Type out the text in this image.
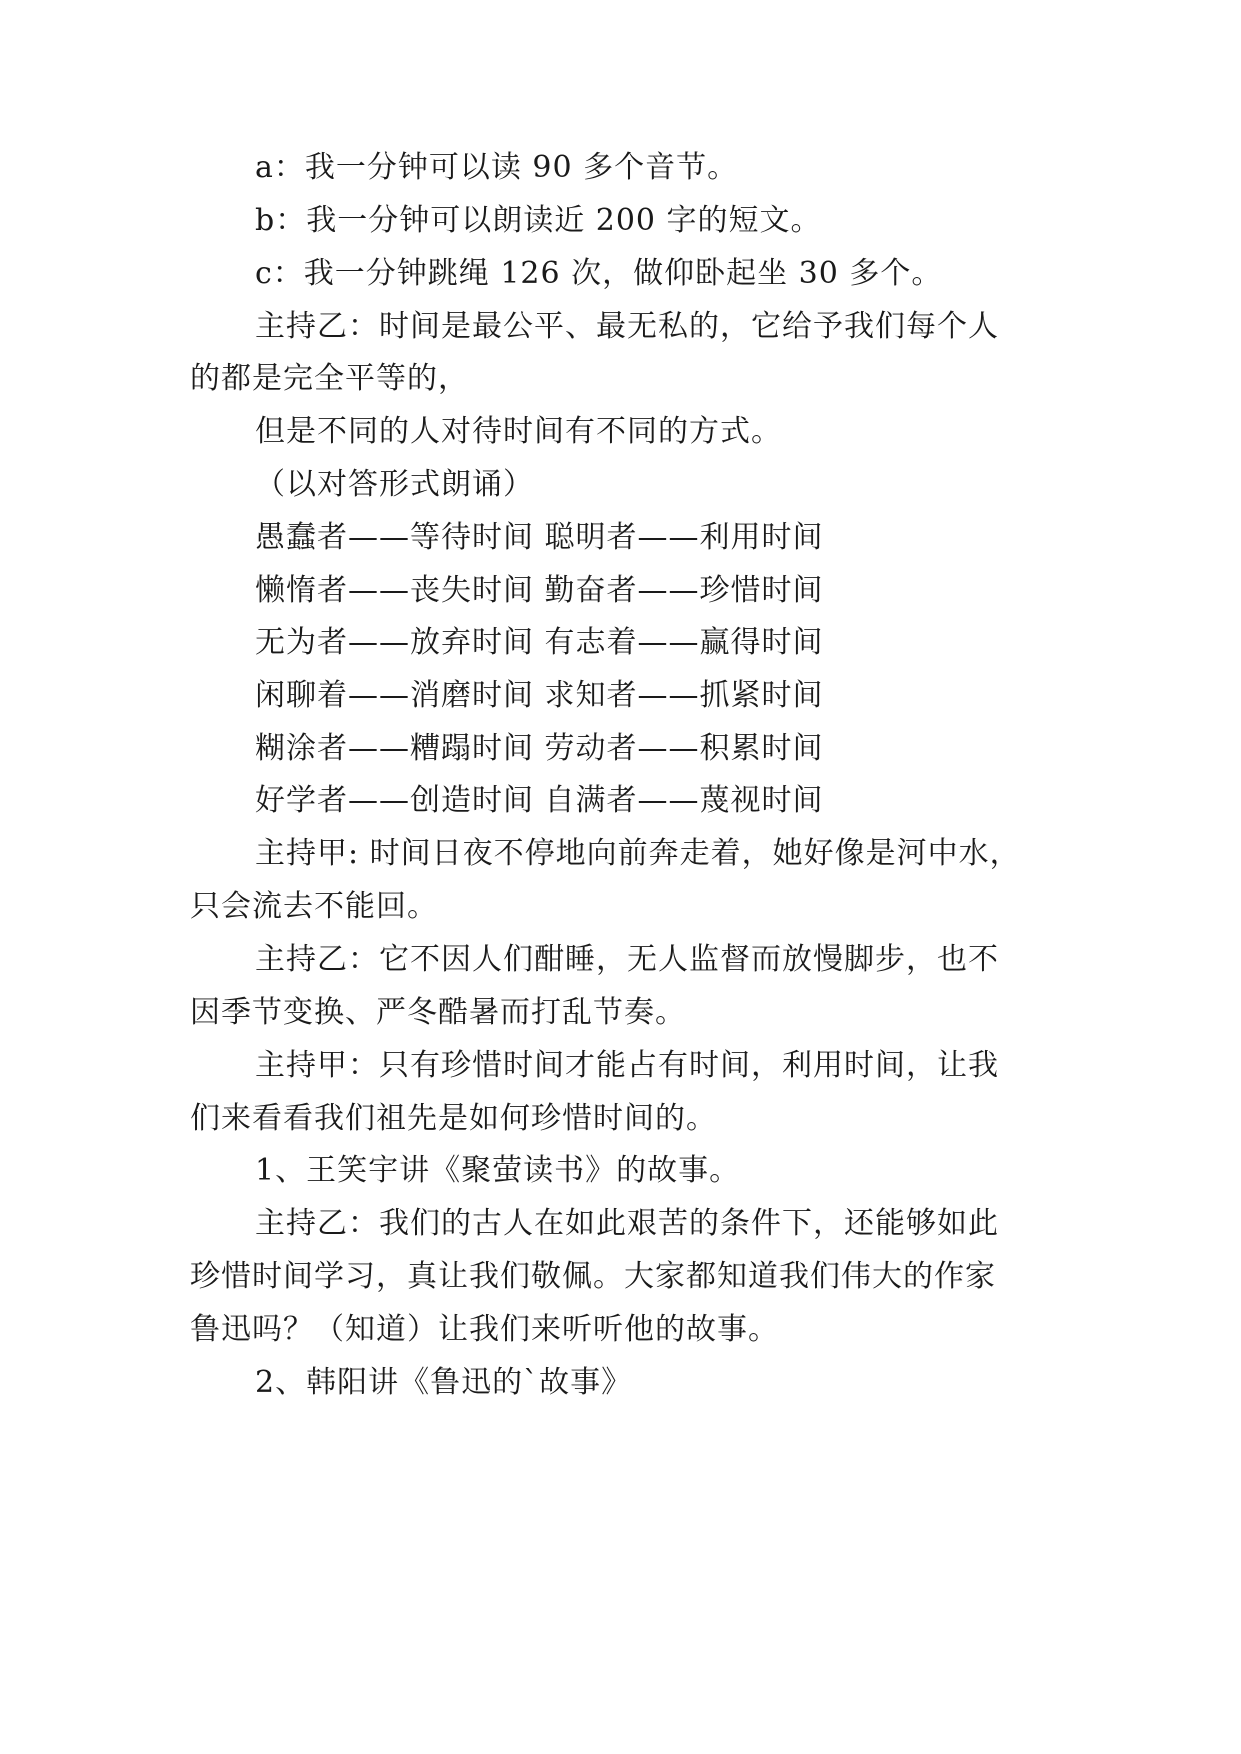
a：我一分钟可以读 90 多个音节。
b：我一分钟可以朗读近 200 字的短文。
c：我一分钟跳绳 126 次，做仰卧起坐 30 多个。
主持乙：时间是最公平、最无私的，它给予我们每个人
的都是完全平等的，
但是不同的人对待时间有不同的方式。
（以对答形式朗诵）
愚蠢者——等待时间 聪明者——利用时间
懒惰者——丧失时间 勤奋者——珍惜时间
无为者——放弃时间 有志着——赢得时间
闲聊着——消磨时间 求知者——抓紧时间
糊涂者——糟蹋时间 劳动者——积累时间
好学者——创造时间 自满者——蔑视时间
主持甲: 时间日夜不停地向前奔走着，她好像是河中水，
只会流去不能回。
主持乙：它不因人们酣睡，无人监督而放慢脚步，也不
因季节变换、严冬酷暑而打乱节奏。
主持甲：只有珍惜时间才能占有时间，利用时间，让我
们来看看我们祖先是如何珍惜时间的。
1、王笑宇讲《聚萤读书》的故事。
主持乙：我们的古人在如此艰苦的条件下，还能够如此
珍惜时间学习，真让我们敬佩。大家都知道我们伟大的作家
鲁迅吗？（知道）让我们来听听他的故事。
2、韩阳讲《鲁迅的`故事》
